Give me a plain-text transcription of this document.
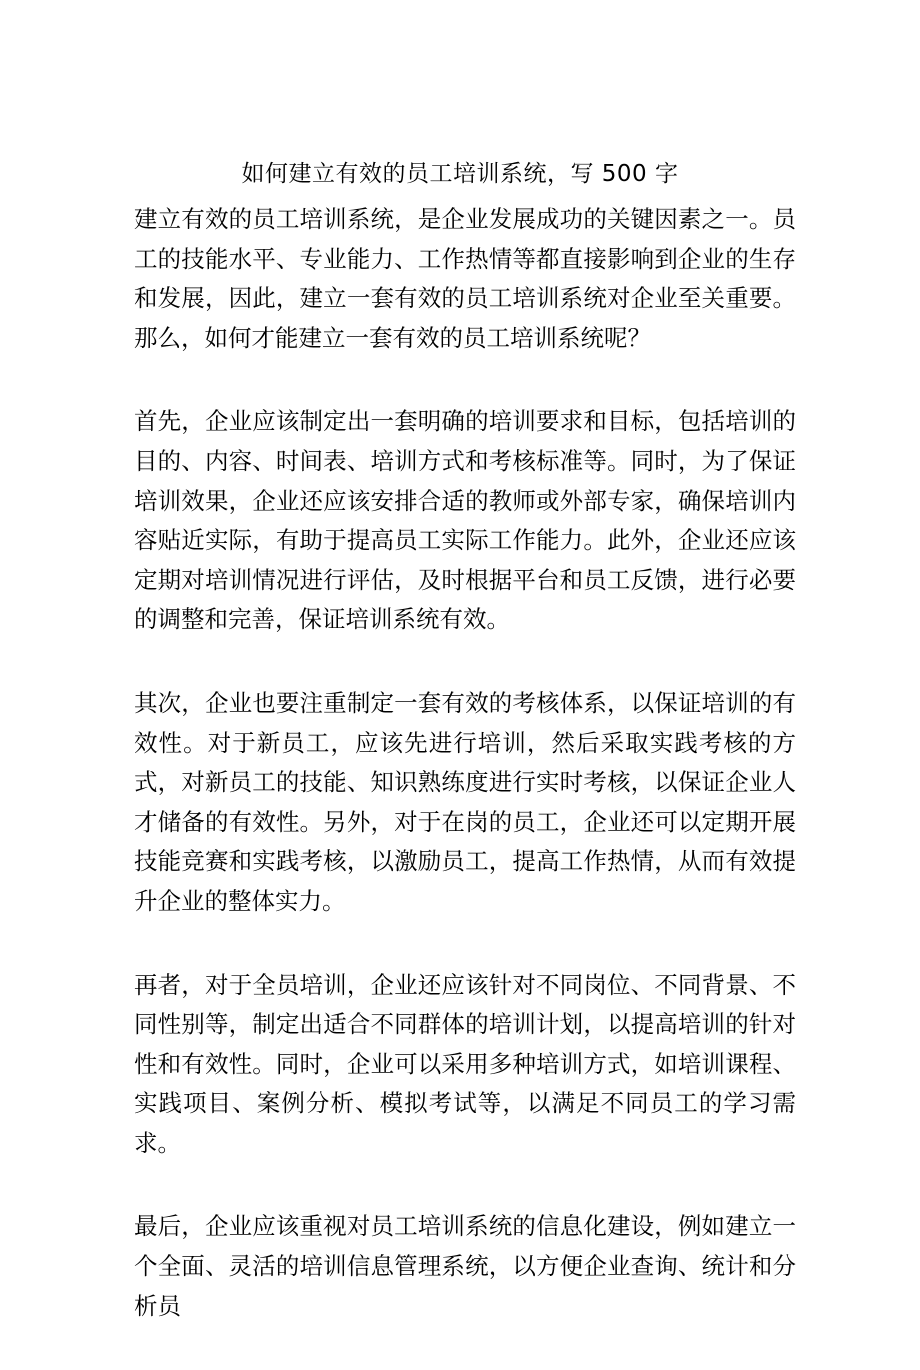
如何建立有效的员工培训系统，写 500 字

建立有效的员工培训系统，是企业发展成功的关键因素之一。员工的技能水平、专业能力、工作热情等都直接影响到企业的生存和发展，因此，建立一套有效的员工培训系统对企业至关重要。那么，如何才能建立一套有效的员工培训系统呢？

首先，企业应该制定出一套明确的培训要求和目标，包括培训的目的、内容、时间表、培训方式和考核标准等。同时，为了保证培训效果，企业还应该安排合适的教师或外部专家，确保培训内容贴近实际，有助于提高员工实际工作能力。此外，企业还应该定期对培训情况进行评估，及时根据平台和员工反馈，进行必要的调整和完善，保证培训系统有效。

其次，企业也要注重制定一套有效的考核体系，以保证培训的有效性。对于新员工，应该先进行培训，然后采取实践考核的方式，对新员工的技能、知识熟练度进行实时考核，以保证企业人才储备的有效性。另外，对于在岗的员工，企业还可以定期开展技能竞赛和实践考核，以激励员工，提高工作热情，从而有效提升企业的整体实力。

再者，对于全员培训，企业还应该针对不同岗位、不同背景、不同性别等，制定出适合不同群体的培训计划，以提高培训的针对性和有效性。同时，企业可以采用多种培训方式，如培训课程、实践项目、案例分析、模拟考试等，以满足不同员工的学习需求。

最后，企业应该重视对员工培训系统的信息化建设，例如建立一个全面、灵活的培训信息管理系统，以方便企业查询、统计和分析员
